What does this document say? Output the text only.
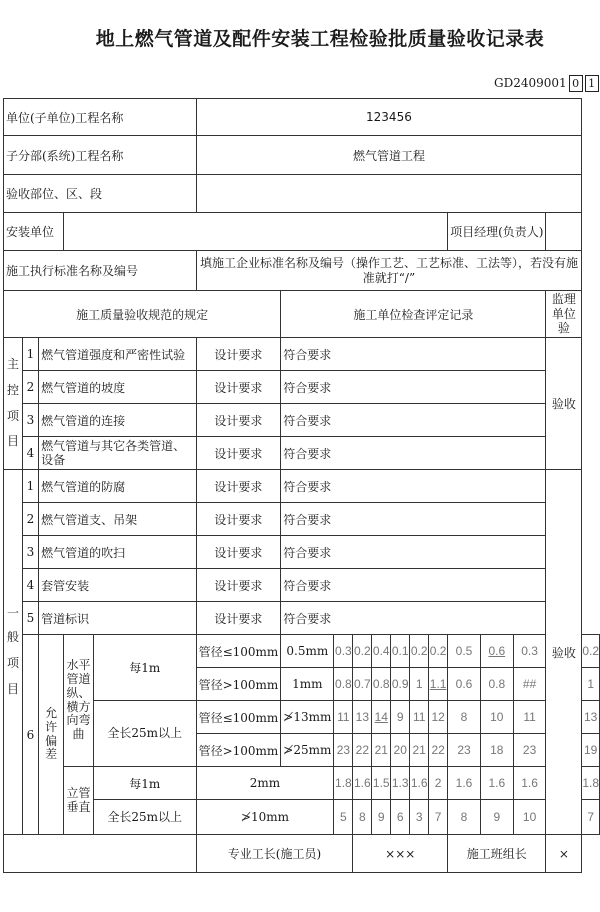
地上燃气管道及配件安装工程检验批质量验收记录表
GD2409001 0 1
单位(子单位)工程名称					123456												
子分部(系统)工程名称					燃气管道工程												
验收部位、区、段																	
安装单位													项目经理(负责人)				
施工执行标准名称及编号					填施工企业标准名称及编号（操作工艺、工艺标准、工法等），若没有施准就打“/”												
施工质量验收规范的规定						施工单位检查评定记录										监理单位验	

主
控
项
目	1	燃气管道强度和严密性试验			设计要求	符合要求										验收	
	2	燃气管道的坡度			设计要求	符合要求											
	3	燃气管道的连接			设计要求	符合要求											
	4	燃气管道与其它各类管道、设备			设计要求	符合要求											

一
般
项
目	1	燃气管道的防腐			设计要求	符合要求										验收	
	2	燃气管道支、吊架			设计要求	符合要求											
	3	燃气管道的吹扫			设计要求	符合要求											
	4	套管安装			设计要求	符合要求											
	5	管道标识			设计要求	符合要求											
	6	允许偏差	水平管道纵、横方向弯曲	每1m	管径≤100mm	0.5mm	0.3	0.2	0.4	0.1	0.2	0.2	0.5	0.6	0.3		0.2
					管径>100mm	1mm	0.8	0.7	0.8	0.9	1	1.1	0.6	0.8	##		1
				全长25m以上	管径≤100mm	≯13mm	11	13	14	9	11	12	8	10	11		13
					管径>100mm	≯25mm	23	22	21	20	21	22	23	18	23		19
			立管垂直	每1m	2mm		1.8	1.6	1.5	1.3	1.6	2	1.6	1.6	1.6		1.8
				全长25m以上	≯10mm		5	8	9	6	3	7	8	9	10		7
					专业工长(施工员)			×××					施工班组长			×	
